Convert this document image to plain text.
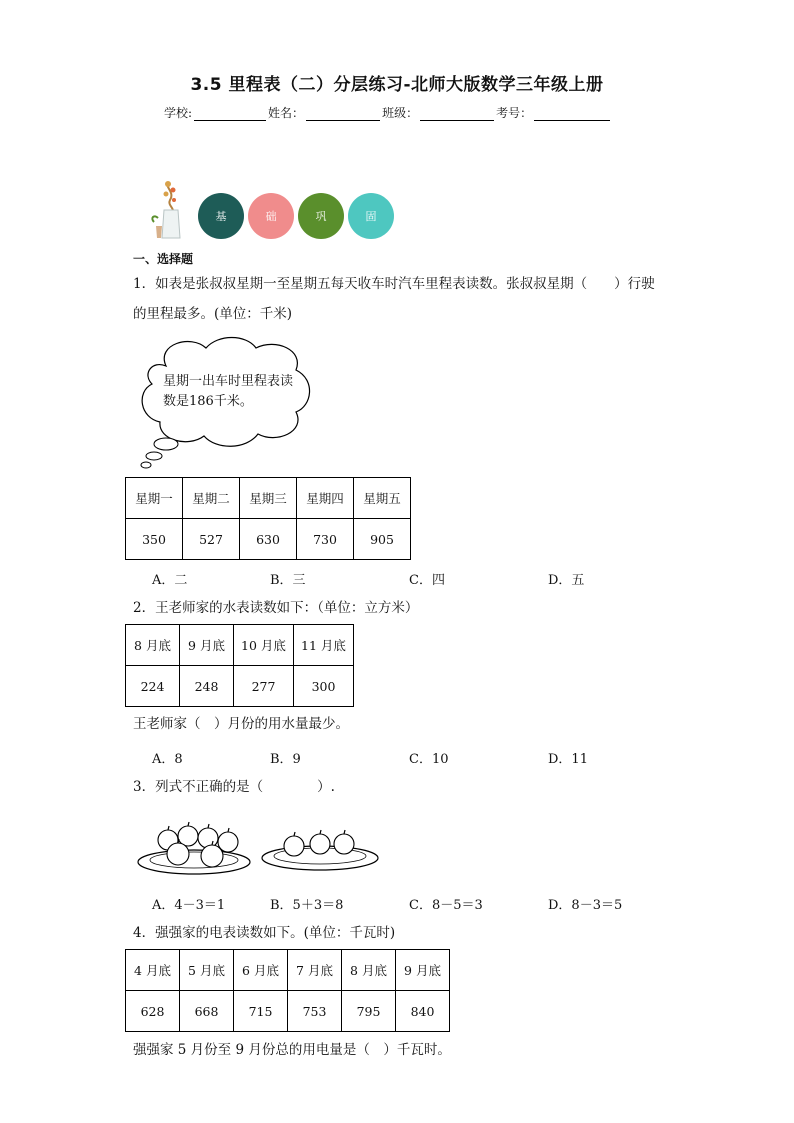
3.5 里程表（二）分层练习-北师大版数学三年级上册
学校:	姓名：	班级：	考号：
基	础	巩	固
一、选择题
1．如表是张叔叔星期一至星期五每天收车时汽车里程表读数。张叔叔星期（　　）行驶
的里程最多。(单位：千米)
星期一出车时里程表读
数是186千米。
星期一	星期二	星期三	星期四	星期五
350	527	630	730	905
A．二	B．三	C．四	D．五
2．王老师家的水表读数如下：（单位：立方米）
8 月底	9 月底	10 月底	11 月底
224	248	277	300
王老师家（　）月份的用水量最少。
A．8	B．9	C．10	D．11
3．列式不正确的是（　　　　）.
A．4－3＝1	B．5＋3＝8	C．8－5＝3	D．8－3＝5
4．强强家的电表读数如下。(单位：千瓦时)
4 月底	5 月底	6 月底	7 月底	8 月底	9 月底
628	668	715	753	795	840
强强家 5 月份至 9 月份总的用电量是（　）千瓦时。
